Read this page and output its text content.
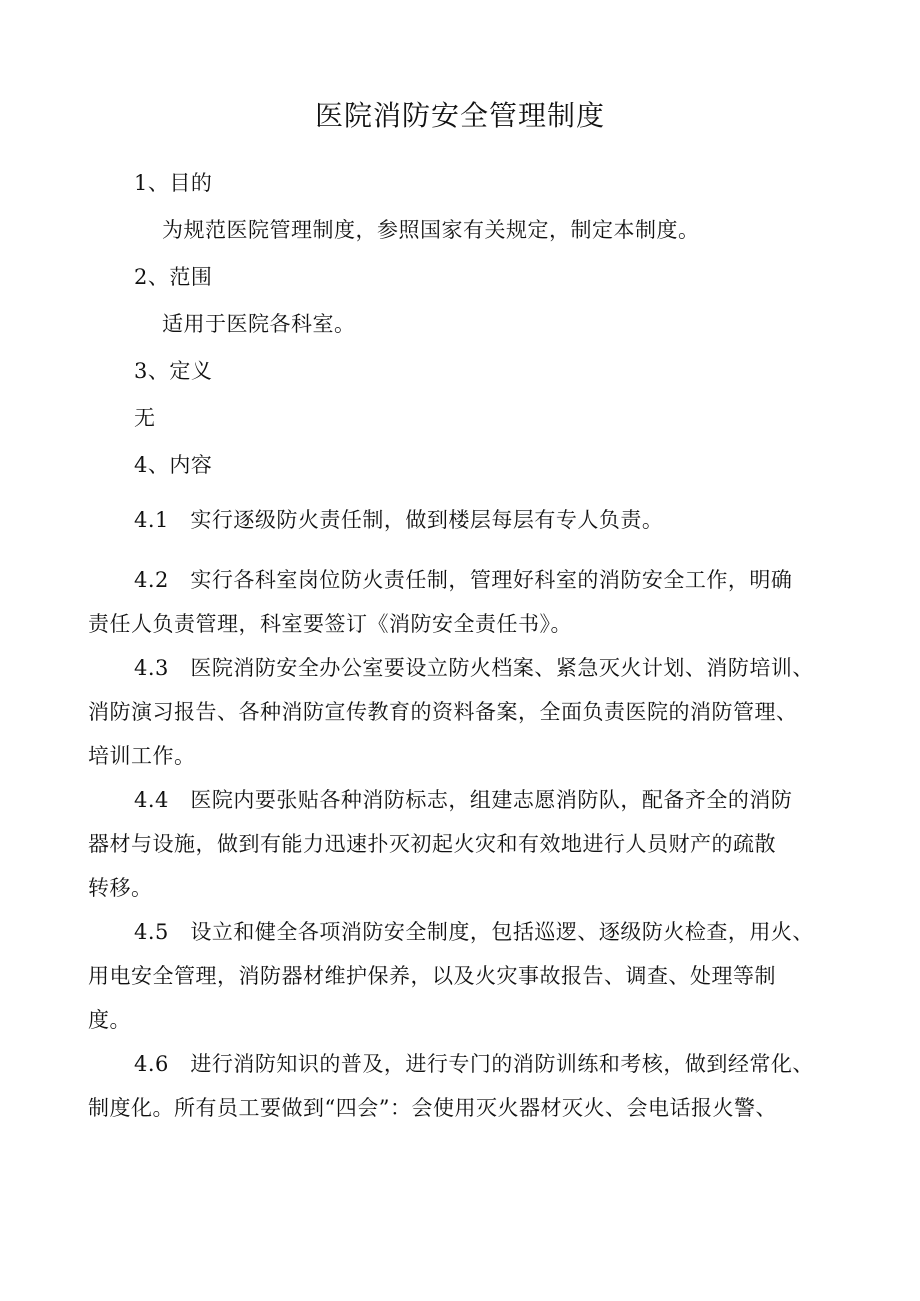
医院消防安全管理制度
1、目的
为规范医院管理制度，参照国家有关规定，制定本制度。
2、范围
适用于医院各科室。
3、定义
无
4、内容
4.1　实行逐级防火责任制，做到楼层每层有专人负责。
4.2　实行各科室岗位防火责任制，管理好科室的消防安全工作，明确
责任人负责管理，科室要签订《消防安全责任书》。
4.3　医院消防安全办公室要设立防火档案、紧急灭火计划、消防培训、
消防演习报告、各种消防宣传教育的资料备案，全面负责医院的消防管理、
培训工作。
4.4　医院内要张贴各种消防标志，组建志愿消防队，配备齐全的消防
器材与设施，做到有能力迅速扑灭初起火灾和有效地进行人员财产的疏散
转移。
4.5　设立和健全各项消防安全制度，包括巡逻、逐级防火检查，用火、
用电安全管理，消防器材维护保养，以及火灾事故报告、调查、处理等制
度。
4.6　进行消防知识的普及，进行专门的消防训练和考核，做到经常化、
制度化。所有员工要做到“四会”：会使用灭火器材灭火、会电话报火警、
